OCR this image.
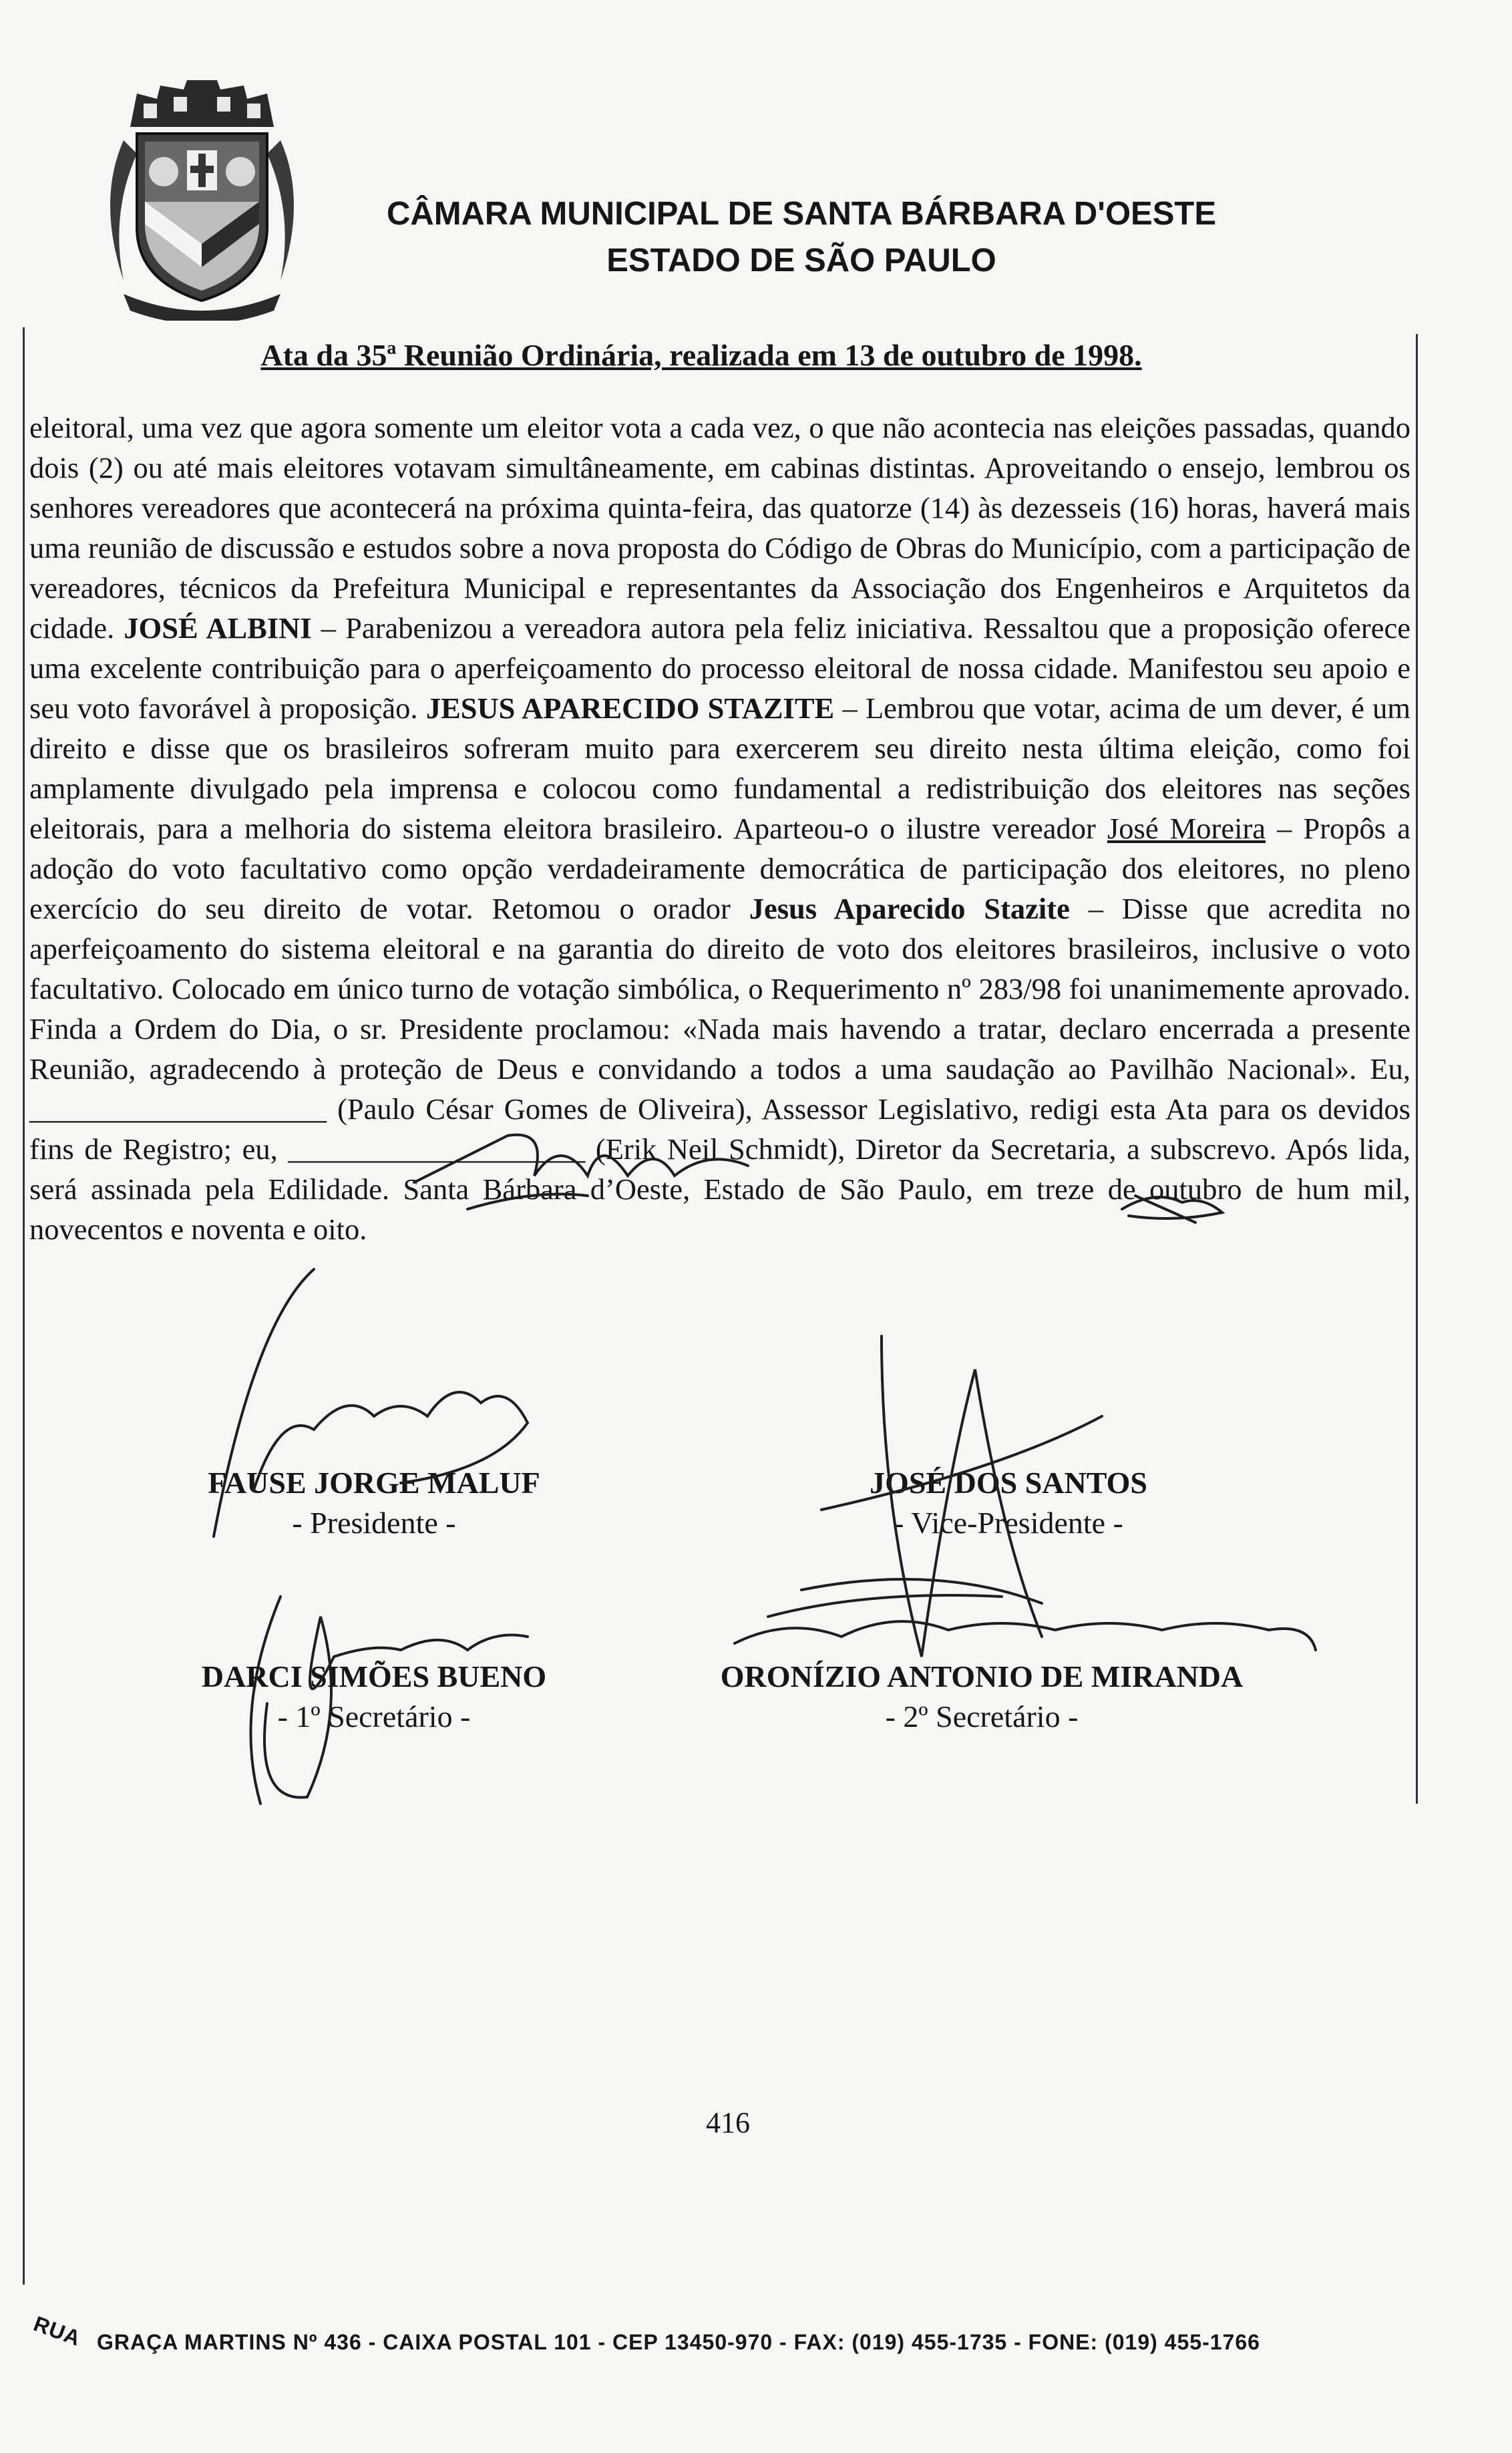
CÂMARA MUNICIPAL DE SANTA BÁRBARA D'OESTE
ESTADO DE SÃO PAULO
Ata da 35ª Reunião Ordinária, realizada em 13 de outubro de 1998.
eleitoral, uma vez que agora somente um eleitor vota a cada vez, o que não acontecia nas eleições passadas, quando dois (2) ou até mais eleitores votavam simultâneamente, em cabinas distintas. Aproveitando o ensejo, lembrou os senhores vereadores que acontecerá na próxima quinta-feira, das quatorze (14) às dezesseis (16) horas, haverá mais uma reunião de discussão e estudos sobre a nova proposta do Código de Obras do Município, com a participação de vereadores, técnicos da Prefeitura Municipal e representantes da Associação dos Engenheiros e Arquitetos da cidade. JOSÉ ALBINI – Parabenizou a vereadora autora pela feliz iniciativa. Ressaltou que a proposição oferece uma excelente contribuição para o aperfeiçoamento do processo eleitoral de nossa cidade. Manifestou seu apoio e seu voto favorável à proposição. JESUS APARECIDO STAZITE – Lembrou que votar, acima de um dever, é um direito e disse que os brasileiros sofreram muito para exercerem seu direito nesta última eleição, como foi amplamente divulgado pela imprensa e colocou como fundamental a redistribuição dos eleitores nas seções eleitorais, para a melhoria do sistema eleitora brasileiro. Aparteou-o o ilustre vereador José Moreira – Propôs a adoção do voto facultativo como opção verdadeiramente democrática de participação dos eleitores, no pleno exercício do seu direito de votar. Retomou o orador Jesus Aparecido Stazite – Disse que acredita no aperfeiçoamento do sistema eleitoral e na garantia do direito de voto dos eleitores brasileiros, inclusive o voto facultativo. Colocado em único turno de votação simbólica, o Requerimento nº 283/98 foi unanimemente aprovado. Finda a Ordem do Dia, o sr. Presidente proclamou: «Nada mais havendo a tratar, declaro encerrada a presente Reunião, agradecendo à proteção de Deus e convidando a todos a uma saudação ao Pavilhão Nacional». Eu, ____________________ (Paulo César Gomes de Oliveira), Assessor Legislativo, redigi esta Ata para os devidos fins de Registro; eu, ____________________ (Erik Neil Schmidt), Diretor da Secretaria, a subscrevo. Após lida, será assinada pela Edilidade. Santa Bárbara d’Oeste, Estado de São Paulo, em treze de outubro de hum mil, novecentos e noventa e oito.
FAUSE JORGE MALUF
- Presidente -
JOSÉ DOS SANTOS
- Vice-Presidente -
DARCI SIMÕES BUENO
- 1º Secretário -
ORONÍZIO ANTONIO DE MIRANDA
- 2º Secretário -
416
RUA GRAÇA MARTINS Nº 436 - CAIXA POSTAL 101 - CEP 13450-970 - FAX: (019) 455-1735 - FONE: (019) 455-1766
